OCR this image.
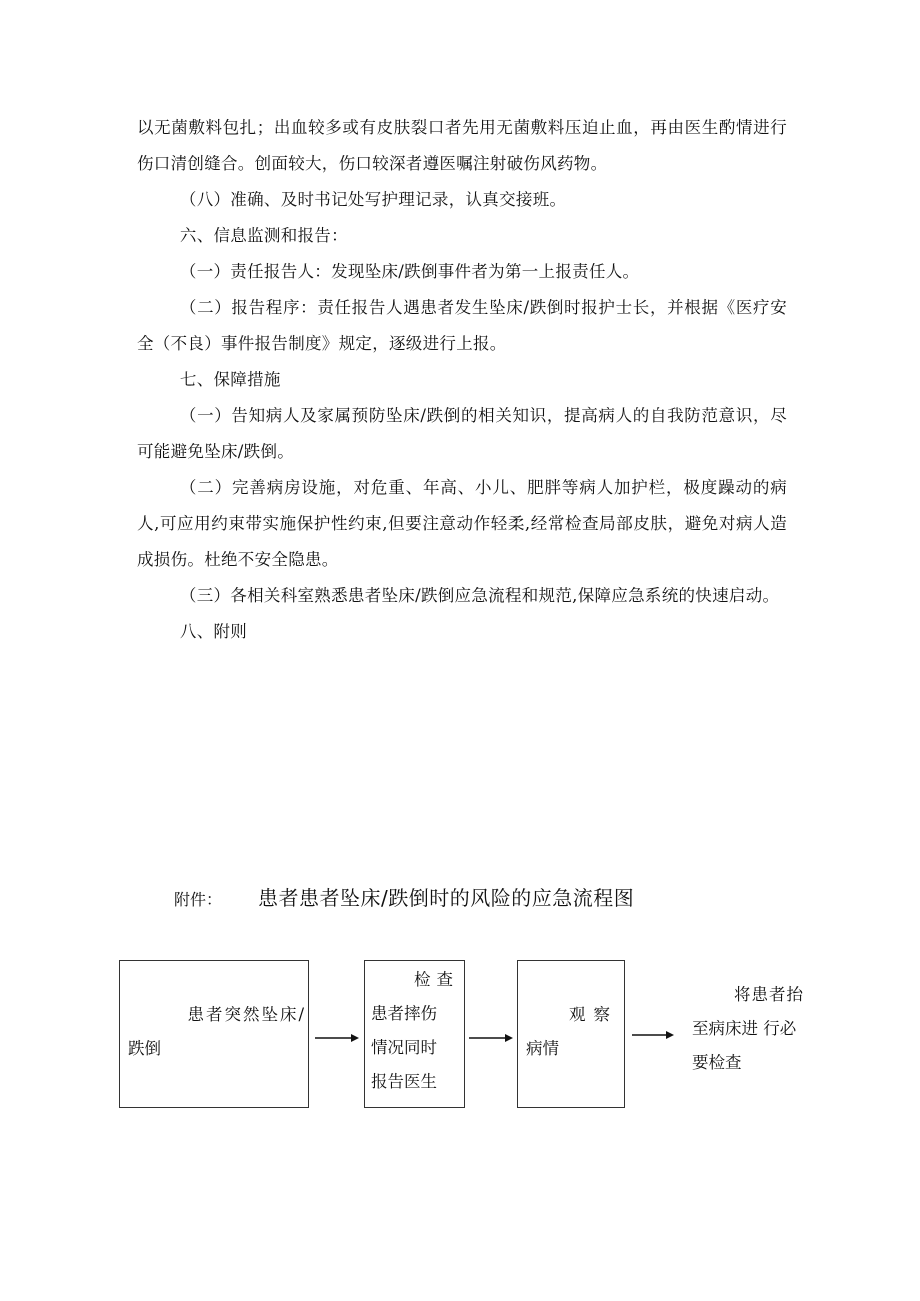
以无菌敷料包扎；出血较多或有皮肤裂口者先用无菌敷料压迫止血，再由医生酌情进行伤口清创缝合。创面较大，伤口较深者遵医嘱注射破伤风药物。

（八）准确、及时书记处写护理记录，认真交接班。

六、信息监测和报告：

（一）责任报告人：发现坠床/跌倒事件者为第一上报责任人。

（二）报告程序：责任报告人遇患者发生坠床/跌倒时报护士长，并根据《医疗安全（不良）事件报告制度》规定，逐级进行上报。

七、保障措施

（一）告知病人及家属预防坠床/跌倒的相关知识，提高病人的自我防范意识，尽可能避免坠床/跌倒。

（二）完善病房设施，对危重、年高、小儿、肥胖等病人加护栏，极度躁动的病人,可应用约束带实施保护性约束,但要注意动作轻柔,经常检查局部皮肤，避免对病人造成损伤。杜绝不安全隐患。

（三）各相关科室熟悉患者坠床/跌倒应急流程和规范,保障应急系统的快速启动。

八、附则

附件： 患者患者坠床/跌倒时的风险的应急流程图
患者突然坠床/
跌倒
检查
患者摔伤
情况同时
报告医生
观察
病情
将患者抬
至病床进 行必
要检查
